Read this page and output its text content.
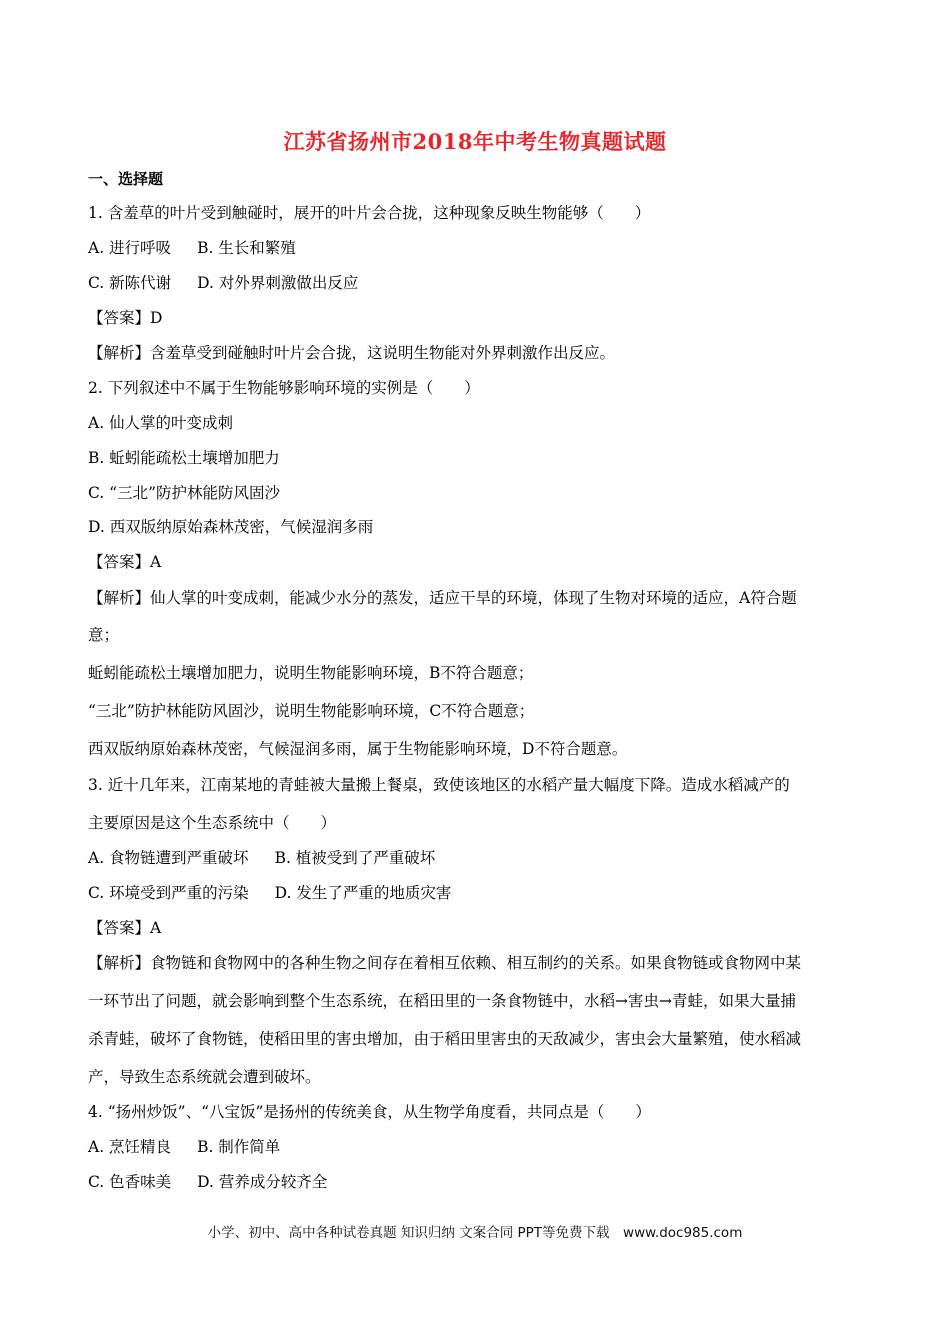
江苏省扬州市2018年中考生物真题试题
一、选择题
1. 含羞草的叶片受到触碰时，展开的叶片会合拢，这种现象反映生物能够（　　）
A. 进行呼吸 B. 生长和繁殖
C. 新陈代谢 D. 对外界刺激做出反应
【答案】D
【解析】含羞草受到碰触时叶片会合拢，这说明生物能对外界刺激作出反应。
2. 下列叙述中不属于生物能够影响环境的实例是（　　）
A. 仙人掌的叶变成刺
B. 蚯蚓能疏松土壤增加肥力
C. “三北”防护林能防风固沙
D. 西双版纳原始森林茂密，气候湿润多雨
【答案】A
【解析】仙人掌的叶变成刺，能减少水分的蒸发，适应干旱的环境，体现了生物对环境的适应，A符合题
意；
蚯蚓能疏松土壤增加肥力，说明生物能影响环境，B不符合题意；
“三北”防护林能防风固沙，说明生物能影响环境，C不符合题意；
西双版纳原始森林茂密，气候湿润多雨，属于生物能影响环境，D不符合题意。
3. 近十几年来，江南某地的青蛙被大量搬上餐桌，致使该地区的水稻产量大幅度下降。造成水稻减产的
主要原因是这个生态系统中（　　）
A. 食物链遭到严重破坏 B. 植被受到了严重破坏
C. 环境受到严重的污染 D. 发生了严重的地质灾害
【答案】A
【解析】食物链和食物网中的各种生物之间存在着相互依赖、相互制约的关系。如果食物链或食物网中某
一环节出了问题，就会影响到整个生态系统，在稻田里的一条食物链中，水稻→害虫→青蛙，如果大量捕
杀青蛙，破坏了食物链，使稻田里的害虫增加，由于稻田里害虫的天敌减少，害虫会大量繁殖，使水稻减
产，导致生态系统就会遭到破坏。
4. “扬州炒饭”、“八宝饭”是扬州的传统美食，从生物学角度看，共同点是（　　）
A. 烹饪精良 B. 制作简单
C. 色香味美 D. 营养成分较齐全
小学、初中、高中各种试卷真题 知识归纳 文案合同 PPT等免费下载　www.doc985.com
